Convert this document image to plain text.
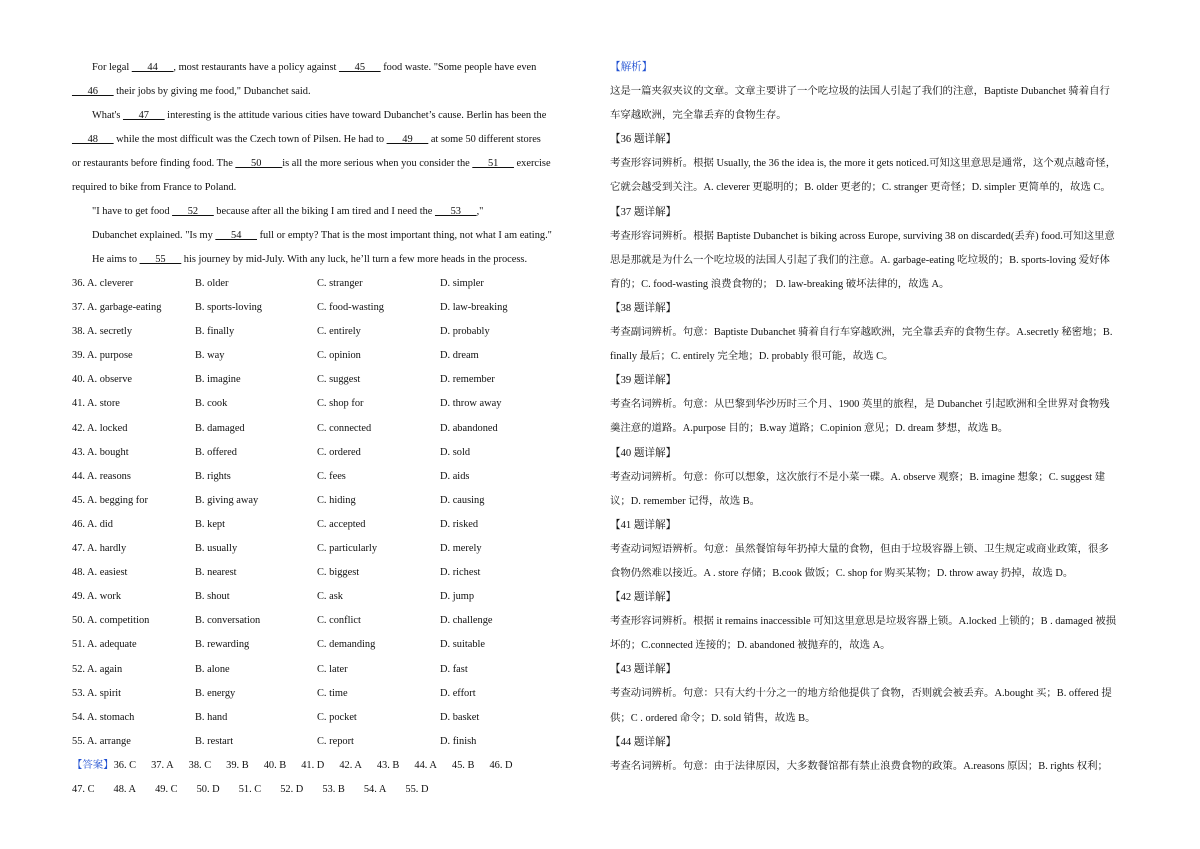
For legal ___44___, most restaurants have a policy against ___45___ food waste. "Some people have even
___46___ their jobs by giving me food," Dubanchet said.
What's ___47___ interesting is the attitude various cities have toward Dubanchet’s cause. Berlin has been the
___48___ while the most difficult was the Czech town of Pilsen. He had to ___49___ at some 50 different stores
or restaurants before finding food. The ___50____is all the more serious when you consider the ___51___ exercise
required to bike from France to Poland.
"I have to get food ___52___ because after all the biking I am tired and I need the ___53___,"
Dubanchet explained. "Is my ___54___ full or empty? That is the most important thing, not what I am eating."
He aims to ___55___ his journey by mid-July. With any luck, he’ll turn a few more heads in the process.
36. A. cleverer	B. older	C. stranger	D. simpler
37. A. garbage-eating	B. sports-loving	C. food-wasting	D. law-breaking
38. A. secretly	B. finally	C. entirely	D. probably
39. A. purpose	B. way	C. opinion	D. dream
40. A. observe	B. imagine	C. suggest	D. remember
41. A. store	B. cook	C. shop for	D. throw away
42. A. locked	B. damaged	C. connected	D. abandoned
43. A. bought	B. offered	C. ordered	D. sold
44. A. reasons	B. rights	C. fees	D. aids
45. A. begging for	B. giving away	C. hiding	D. causing
46. A. did	B. kept	C. accepted	D. risked
47. A. hardly	B. usually	C. particularly	D. merely
48. A. easiest	B. nearest	C. biggest	D. richest
49. A. work	B. shout	C. ask	D. jump
50. A. competition	B. conversation	C. conflict	D. challenge
51. A. adequate	B. rewarding	C. demanding	D. suitable
52. A. again	B. alone	C. later	D. fast
53. A. spirit	B. energy	C. time	D. effort
54. A. stomach	B. hand	C. pocket	D. basket
55. A. arrange	B. restart	C. report	D. finish
【答案】36. C 37. A 38. C 39. B 40. B 41. D 42. A 43. B 44. A 45. B 46. D
47. C 48. A 49. C 50. D 51. C 52. D 53. B 54. A 55. D
【解析】
这是一篇夹叙夹议的文章。文章主要讲了一个吃垃圾的法国人引起了我们的注意，Baptiste Dubanchet 骑着自行
车穿越欧洲，完全靠丢弃的食物生存。
【36 题详解】
考查形容词辨析。根据 Usually, the 36 the idea is, the more it gets noticed.可知这里意思是通常，这个观点越奇怪，
它就会越受到关注。A. cleverer 更聪明的；B. older 更老的；C. stranger 更奇怪；D. simpler 更简单的，故选 C。
【37 题详解】
考查形容词辨析。根据 Baptiste Dubanchet is biking across Europe, surviving 38 on discarded(丢弃) food.可知这里意
思是那就是为什么一个吃垃圾的法国人引起了我们的注意。A. garbage-eating 吃垃圾的；B. sports-loving 爱好体
育的；C. food-wasting 浪费食物的； D. law-breaking 破坏法律的，故选 A。
【38 题详解】
考查副词辨析。句意：Baptiste Dubanchet 骑着自行车穿越欧洲，完全靠丢弃的食物生存。A.secretly 秘密地；B.
finally 最后；C. entirely 完全地；D. probably 很可能，故选 C。
【39 题详解】
考查名词辨析。句意：从巴黎到华沙历时三个月、1900 英里的旅程，是 Dubanchet 引起欧洲和全世界对食物残
羹注意的道路。A.purpose 目的；B.way 道路；C.opinion 意见；D. dream 梦想，故选 B。
【40 题详解】
考查动词辨析。句意：你可以想象，这次旅行不是小菜一碟。A. observe 观察；B. imagine 想象；C. suggest 建
议；D. remember 记得，故选 B。
【41 题详解】
考查动词短语辨析。句意：虽然餐馆每年扔掉大量的食物，但由于垃圾容器上锁、卫生规定或商业政策，很多
食物仍然难以接近。A . store 存储；B.cook 做饭；C. shop for 购买某物；D. throw away 扔掉，故选 D。
【42 题详解】
考查形容词辨析。根据 it remains inaccessible 可知这里意思是垃圾容器上锁。A.locked 上锁的；B . damaged 被损
坏的；C.connected 连接的；D. abandoned 被抛弃的，故选 A。
【43 题详解】
考查动词辨析。句意：只有大约十分之一的地方给他提供了食物，否则就会被丢弃。A.bought 买；B. offered 提
供；C . ordered 命令；D. sold 销售，故选 B。
【44 题详解】
考查名词辨析。句意：由于法律原因，大多数餐馆都有禁止浪费食物的政策。A.reasons 原因；B. rights 权利；
